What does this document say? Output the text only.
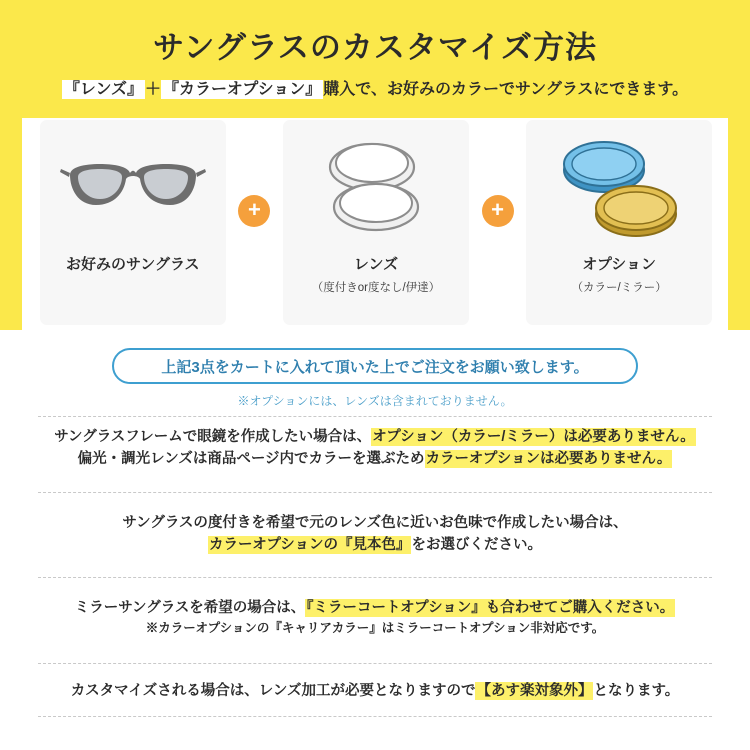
サングラスのカスタマイズ方法
『レンズ』 ＋ 『カラーオプション』 購入で、お好みのカラーでサングラスにできます。
お好みのサングラス
+
レンズ
（度付きor度なし/伊達）
+
オプション
（カラー/ミラー）
上記3点をカートに入れて頂いた上でご注文をお願い致します。
※オプションには、レンズは含まれておりません。
サングラスフレームで眼鏡を作成したい場合は、オプション（カラー/ミラー）は必要ありません。
偏光・調光レンズは商品ページ内でカラーを選ぶためカラーオプションは必要ありません。
サングラスの度付きを希望で元のレンズ色に近いお色味で作成したい場合は、
カラーオプションの『見本色』をお選びください。
ミラーサングラスを希望の場合は、『ミラーコートオプション』も合わせてご購入ください。
※カラーオプションの『キャリアカラー』はミラーコートオプション非対応です。
カスタマイズされる場合は、レンズ加工が必要となりますので【あす楽対象外】となります。
